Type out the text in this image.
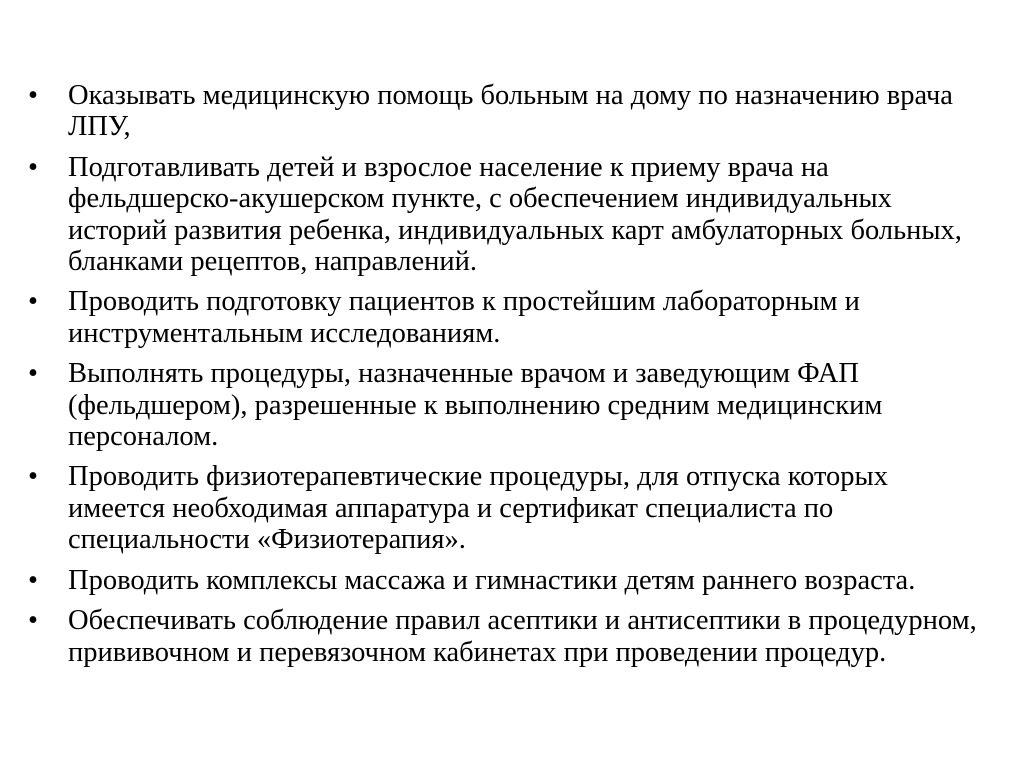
•	Оказывать медицинскую помощь больным на дому по назначению врача ЛПУ,
•	Подготавливать детей и взрослое население к приему врача на фельдшерско-акушерском пункте, с обеспечением индивидуальных историй развития ребенка, индивидуальных карт амбулаторных больных, бланками рецептов, направлений.
•	Проводить подготовку пациентов к простейшим лабораторным и инструментальным исследованиям.
•	Выполнять процедуры, назначенные врачом и заведующим ФАП (фельдшером), разрешенные к выполнению средним медицинским персоналом.
•	Проводить физиотерапевтические процедуры, для отпуска которых имеется необходимая аппаратура и сертификат специалиста по специальности «Физиотерапия».
•	Проводить комплексы массажа и гимнастики детям раннего возраста.
•	Обеспечивать соблюдение правил асептики и антисептики в процедурном, прививочном и перевязочном кабинетах при проведении процедур.
